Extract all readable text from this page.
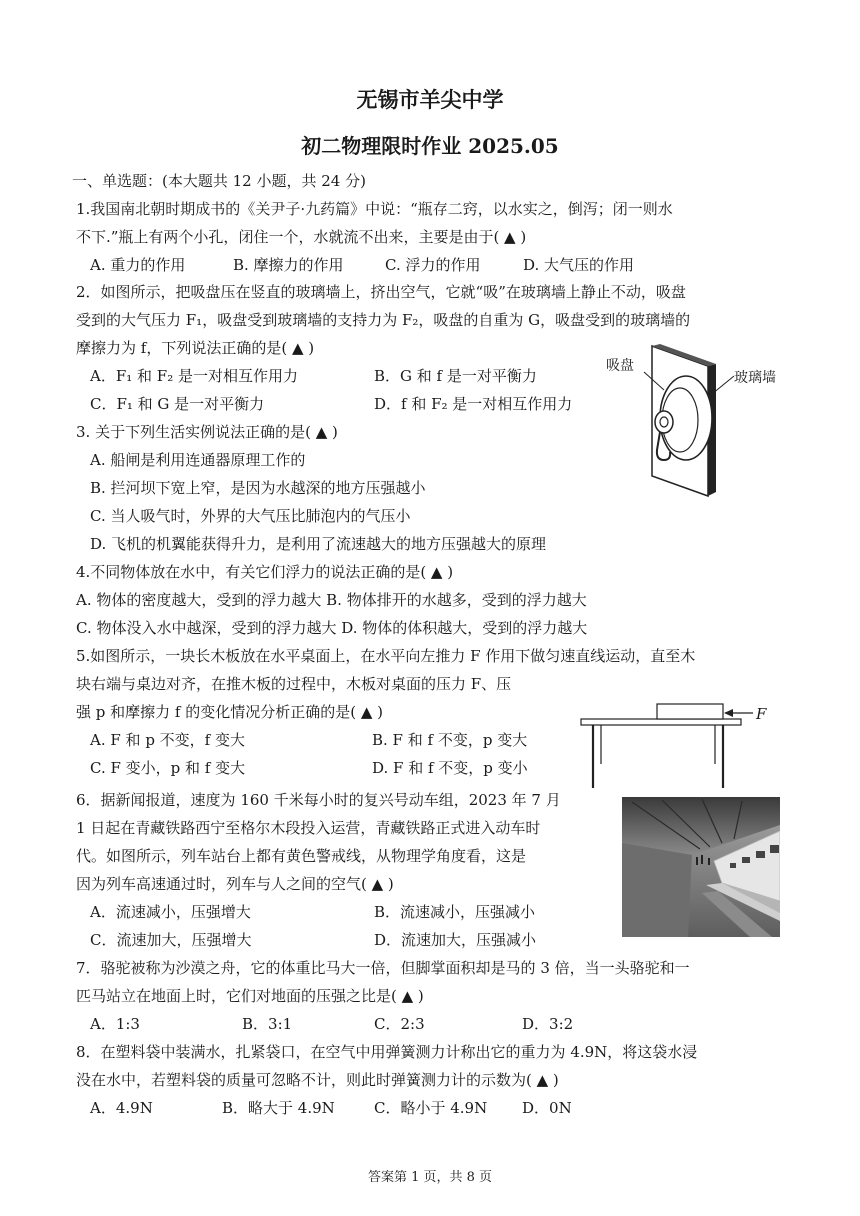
无锡市羊尖中学
初二物理限时作业 2025.05
一、单选题：(本大题共 12 小题，共 24 分)
1.我国南北朝时期成书的《关尹子·九药篇》中说：“瓶存二窍，以水实之，倒泻；闭一则水
不下.”瓶上有两个小孔，闭住一个，水就流不出来，主要是由于( ▲ )
A. 重力的作用	B. 摩擦力的作用	C. 浮力的作用	D. 大气压的作用
2．如图所示，把吸盘压在竖直的玻璃墙上，挤出空气，它就“吸”在玻璃墙上静止不动，吸盘
受到的大气压力 F₁，吸盘受到玻璃墙的支持力为 F₂，吸盘的自重为 G，吸盘受到的玻璃墙的
摩擦力为 f，下列说法正确的是( ▲ )
A．F₁ 和 F₂ 是一对相互作用力	B．G 和 f 是一对平衡力
C．F₁ 和 G 是一对平衡力	D．f 和 F₂ 是一对相互作用力
吸盘
玻璃墙
3. 关于下列生活实例说法正确的是( ▲ )
A. 船闸是利用连通器原理工作的
B. 拦河坝下宽上窄，是因为水越深的地方压强越小
C. 当人吸气时，外界的大气压比肺泡内的气压小
D. 飞机的机翼能获得升力，是利用了流速越大的地方压强越大的原理
4.不同物体放在水中，有关它们浮力的说法正确的是( ▲ )
A. 物体的密度越大，受到的浮力越大 B. 物体排开的水越多，受到的浮力越大
C. 物体没入水中越深，受到的浮力越大 D. 物体的体积越大，受到的浮力越大
5.如图所示，一块长木板放在水平桌面上，在水平向左推力 F 作用下做匀速直线运动，直至木
块右端与桌边对齐，在推木板的过程中，木板对桌面的压力 F、压
强 p 和摩擦力 f 的变化情况分析正确的是( ▲ )
A. F 和 p 不变，f 变大	B. F 和 f 不变，p 变大
C. F 变小，p 和 f 变大	D. F 和 f 不变，p 变小
F
6．据新闻报道，速度为 160 千米每小时的复兴号动车组，2023 年 7 月
1 日起在青藏铁路西宁至格尔木段投入运营，青藏铁路正式进入动车时
代。如图所示，列车站台上都有黄色警戒线，从物理学角度看，这是
因为列车高速通过时，列车与人之间的空气( ▲ )
A．流速减小，压强增大	B．流速减小，压强减小
C．流速加大，压强增大	D．流速加大，压强减小
7．骆驼被称为沙漠之舟，它的体重比马大一倍，但脚掌面积却是马的 3 倍，当一头骆驼和一
匹马站立在地面上时，它们对地面的压强之比是( ▲ )
A．1:3	B．3:1	C．2:3	D．3:2
8．在塑料袋中装满水，扎紧袋口，在空气中用弹簧测力计称出它的重力为 4.9N，将这袋水浸
没在水中，若塑料袋的质量可忽略不计，则此时弹簧测力计的示数为( ▲ )
A．4.9N	B．略大于 4.9N	C．略小于 4.9N D．0N
答案第 1 页，共 8 页
